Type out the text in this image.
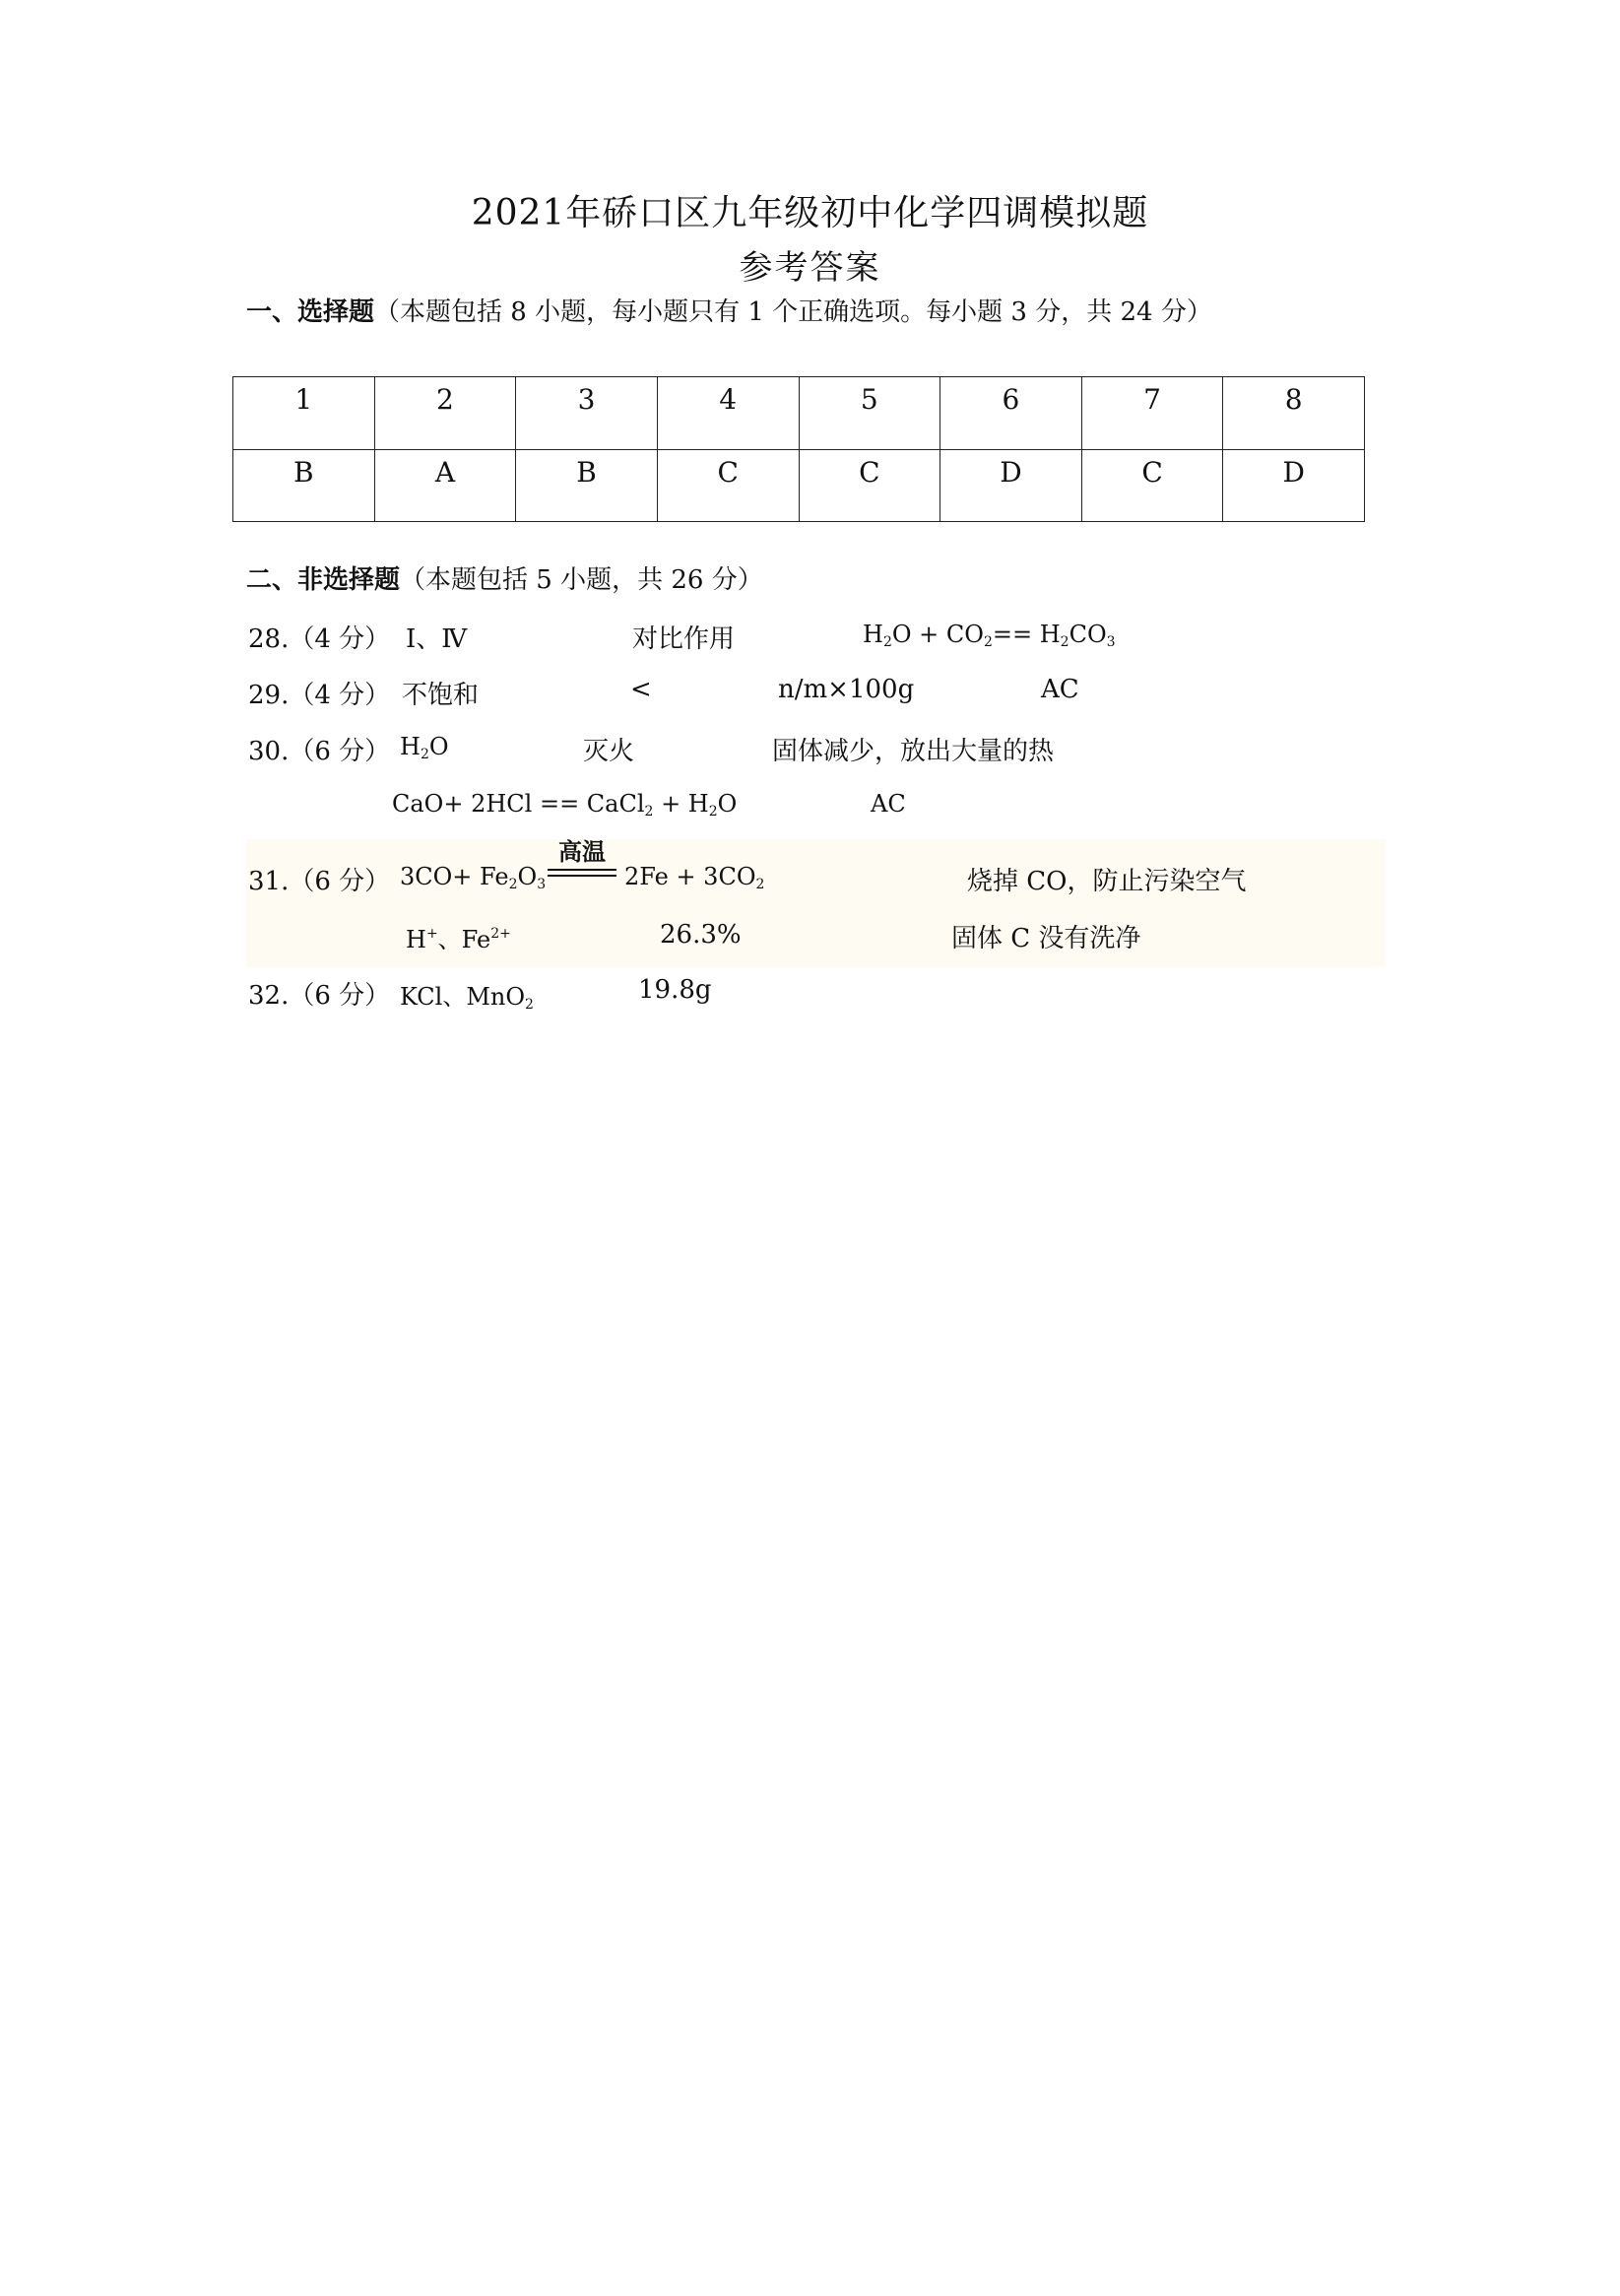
2021年硚口区九年级初中化学四调模拟题
参考答案
一、选择题（本题包括 8 小题，每小题只有 1 个正确选项。每小题 3 分，共 24 分）
1	2	3	4	5	6	7	8
B	A	B	C	C	D	C	D
二、非选择题（本题包括 5 小题，共 26 分）
28.（4 分） Ⅰ、Ⅳ	对比作用	$H_2O + CO_2== H_2CO_3$
29.（4 分） 不饱和	<	n/m×100g	AC
30.（6 分） $H_2O$	灭火	固体减少，放出大量的热
CaO+ 2HCl == CaCl$_2$ + $H_2O$	AC
31.（6 分） $3CO+ Fe_2O_3$
高温
$2Fe + 3CO_2$	烧掉 CO，防止污染空气
H+、$Fe^{2+}$	26.3%	固体 C 没有洗净
32.（6 分） KCl、MnO$_2$	19.8g
